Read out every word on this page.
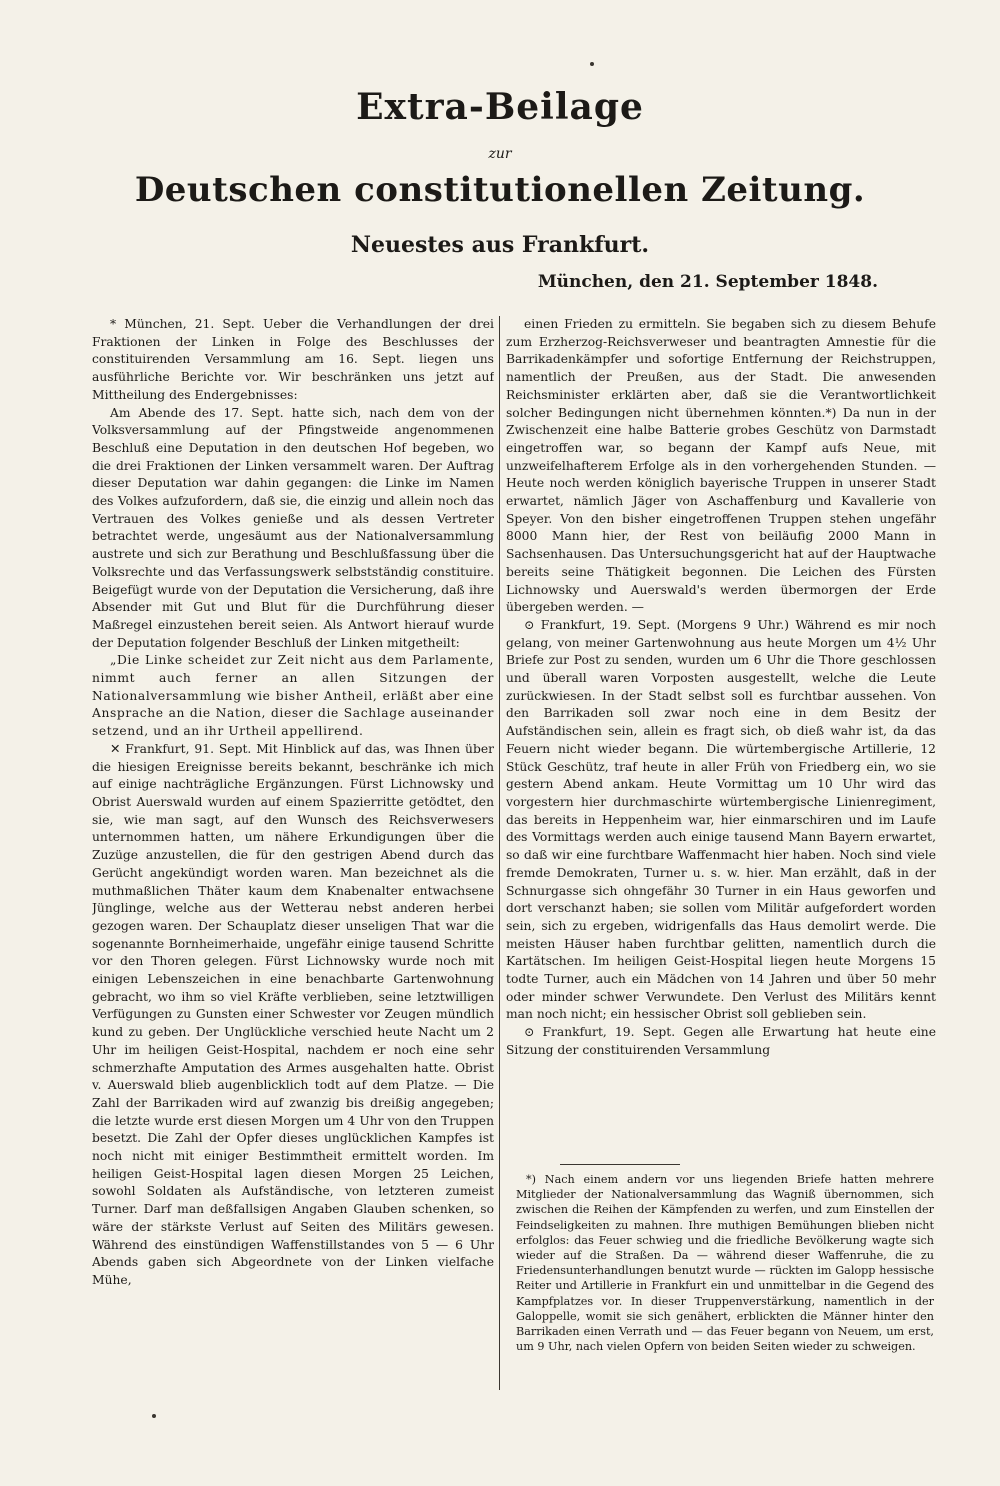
Extra-Beilage
zur
Deutschen constitutionellen Zeitung.
Neuestes aus Frankfurt.
München, den 21. September 1848.

* München, 21. Sept. Ueber die Verhandlungen der drei Fraktionen der Linken in Folge des Beschlusses der constituirenden Versammlung am 16. Sept. liegen uns ausführliche Berichte vor. Wir beschränken uns jetzt auf Mittheilung des Endergebnisses:

Am Abende des 17. Sept. hatte sich, nach dem von der Volksversammlung auf der Pfingstweide angenommenen Beschluß eine Deputation in den deutschen Hof begeben, wo die drei Fraktionen der Linken versammelt waren. Der Auftrag dieser Deputation war dahin gegangen: die Linke im Namen des Volkes aufzufordern, daß sie, die einzig und allein noch das Vertrauen des Volkes genieße und als dessen Vertreter betrachtet werde, ungesäumt aus der Nationalversammlung austrete und sich zur Berathung und Beschlußfassung über die Volksrechte und das Verfassungswerk selbstständig constituire. Beigefügt wurde von der Deputation die Versicherung, daß ihre Absender mit Gut und Blut für die Durchführung dieser Maßregel einzustehen bereit seien. Als Antwort hierauf wurde der Deputation folgender Beschluß der Linken mitgetheilt:

„Die Linke scheidet zur Zeit nicht aus dem Parlamente, nimmt auch ferner an allen Sitzungen der Nationalversammlung wie bisher Antheil, erläßt aber eine Ansprache an die Nation, dieser die Sachlage auseinander setzend, und an ihr Urtheil appellirend.

✕ Frankfurt, 91. Sept. Mit Hinblick auf das, was Ihnen über die hiesigen Ereignisse bereits bekannt, beschränke ich mich auf einige nachträgliche Ergänzungen. Fürst Lichnowsky und Obrist Auerswald wurden auf einem Spazierritte getödtet, den sie, wie man sagt, auf den Wunsch des Reichsverwesers unternommen hatten, um nähere Erkundigungen über die Zuzüge anzustellen, die für den gestrigen Abend durch das Gerücht angekündigt worden waren. Man bezeichnet als die muthmaßlichen Thäter kaum dem Knabenalter entwachsene Jünglinge, welche aus der Wetterau nebst anderen herbei gezogen waren. Der Schauplatz dieser unseligen That war die sogenannte Bornheimerhaide, ungefähr einige tausend Schritte vor den Thoren gelegen. Fürst Lichnowsky wurde noch mit einigen Lebenszeichen in eine benachbarte Gartenwohnung gebracht, wo ihm so viel Kräfte verblieben, seine letztwilligen Verfügungen zu Gunsten einer Schwester vor Zeugen mündlich kund zu geben. Der Unglückliche verschied heute Nacht um 2 Uhr im heiligen Geist-Hospital, nachdem er noch eine sehr schmerzhafte Amputation des Armes ausgehalten hatte. Obrist v. Auerswald blieb augenblicklich todt auf dem Platze. — Die Zahl der Barrikaden wird auf zwanzig bis dreißig angegeben; die letzte wurde erst diesen Morgen um 4 Uhr von den Truppen besetzt. Die Zahl der Opfer dieses unglücklichen Kampfes ist noch nicht mit einiger Bestimmtheit ermittelt worden. Im heiligen Geist-Hospital lagen diesen Morgen 25 Leichen, sowohl Soldaten als Aufständische, von letzteren zumeist Turner. Darf man deßfallsigen Angaben Glauben schenken, so wäre der stärkste Verlust auf Seiten des Militärs gewesen. Während des einstündigen Waffenstillstandes von 5 — 6 Uhr Abends gaben sich Abgeordnete von der Linken vielfache Mühe,

einen Frieden zu ermitteln. Sie begaben sich zu diesem Behufe zum Erzherzog-Reichsverweser und beantragten Amnestie für die Barrikadenkämpfer und sofortige Entfernung der Reichstruppen, namentlich der Preußen, aus der Stadt. Die anwesenden Reichsminister erklärten aber, daß sie die Verantwortlichkeit solcher Bedingungen nicht übernehmen könnten.*) Da nun in der Zwischenzeit eine halbe Batterie grobes Geschütz von Darmstadt eingetroffen war, so begann der Kampf aufs Neue, mit unzweifelhafterem Erfolge als in den vorhergehenden Stunden. — Heute noch werden königlich bayerische Truppen in unserer Stadt erwartet, nämlich Jäger von Aschaffenburg und Kavallerie von Speyer. Von den bisher eingetroffenen Truppen stehen ungefähr 8000 Mann hier, der Rest von beiläufig 2000 Mann in Sachsenhausen. Das Untersuchungsgericht hat auf der Hauptwache bereits seine Thätigkeit begonnen. Die Leichen des Fürsten Lichnowsky und Auerswald's werden übermorgen der Erde übergeben werden. —

⊙ Frankfurt, 19. Sept. (Morgens 9 Uhr.) Während es mir noch gelang, von meiner Gartenwohnung aus heute Morgen um 4½ Uhr Briefe zur Post zu senden, wurden um 6 Uhr die Thore geschlossen und überall waren Vorposten ausgestellt, welche die Leute zurückwiesen. In der Stadt selbst soll es furchtbar aussehen. Von den Barrikaden soll zwar noch eine in dem Besitz der Aufständischen sein, allein es fragt sich, ob dieß wahr ist, da das Feuern nicht wieder begann. Die würtembergische Artillerie, 12 Stück Geschütz, traf heute in aller Früh von Friedberg ein, wo sie gestern Abend ankam. Heute Vormittag um 10 Uhr wird das vorgestern hier durchmaschirte würtembergische Linienregiment, das bereits in Heppenheim war, hier einmarschiren und im Laufe des Vormittags werden auch einige tausend Mann Bayern erwartet, so daß wir eine furchtbare Waffenmacht hier haben. Noch sind viele fremde Demokraten, Turner u. s. w. hier. Man erzählt, daß in der Schnurgasse sich ohngefähr 30 Turner in ein Haus geworfen und dort verschanzt haben; sie sollen vom Militär aufgefordert worden sein, sich zu ergeben, widrigenfalls das Haus demolirt werde. Die meisten Häuser haben furchtbar gelitten, namentlich durch die Kartätschen. Im heiligen Geist-Hospital liegen heute Morgens 15 todte Turner, auch ein Mädchen von 14 Jahren und über 50 mehr oder minder schwer Verwundete. Den Verlust des Militärs kennt man noch nicht; ein hessischer Obrist soll geblieben sein.

⊙ Frankfurt, 19. Sept. Gegen alle Erwartung hat heute eine Sitzung der constituirenden Versammlung

*) Nach einem andern vor uns liegenden Briefe hatten mehrere Mitglieder der Nationalversammlung das Wagniß übernommen, sich zwischen die Reihen der Kämpfenden zu werfen, und zum Einstellen der Feindseligkeiten zu mahnen. Ihre muthigen Bemühungen blieben nicht erfolglos: das Feuer schwieg und die friedliche Bevölkerung wagte sich wieder auf die Straßen. Da — während dieser Waffenruhe, die zu Friedensunterhandlungen benutzt wurde — rückten im Galopp hessische Reiter und Artillerie in Frankfurt ein und unmittelbar in die Gegend des Kampfplatzes vor. In dieser Truppenverstärkung, namentlich in der Galoppelle, womit sie sich genähert, erblickten die Männer hinter den Barrikaden einen Verrath und — das Feuer begann von Neuem, um erst, um 9 Uhr, nach vielen Opfern von beiden Seiten wieder zu schweigen.
